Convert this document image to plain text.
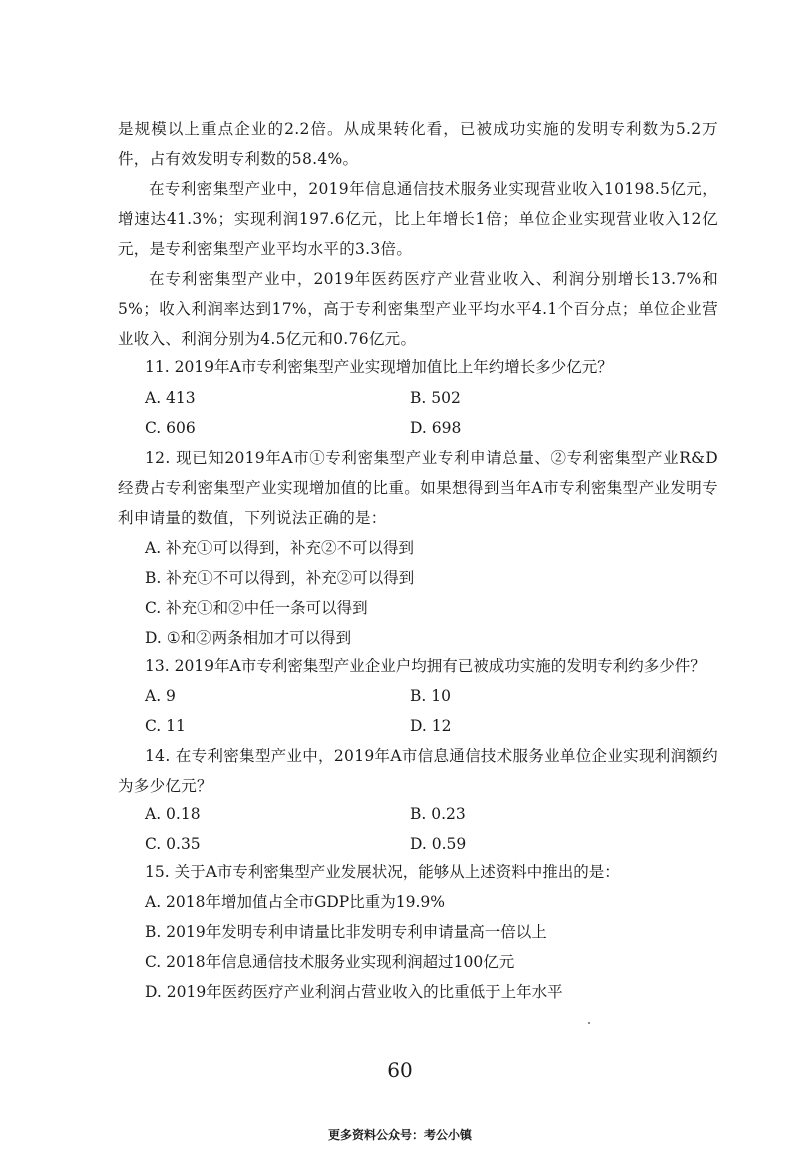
是规模以上重点企业的2.2倍。从成果转化看，已被成功实施的发明专利数为5.2万件，占有效发明专利数的58.4%。

在专利密集型产业中，2019年信息通信技术服务业实现营业收入10198.5亿元，增速达41.3%；实现利润197.6亿元，比上年增长1倍；单位企业实现营业收入12亿元，是专利密集型产业平均水平的3.3倍。

在专利密集型产业中，2019年医药医疗产业营业收入、利润分别增长13.7%和5%；收入利润率达到17%，高于专利密集型产业平均水平4.1个百分点；单位企业营业收入、利润分别为4.5亿元和0.76亿元。

11. 2019年A市专利密集型产业实现增加值比上年约增长多少亿元？
A. 413	B. 502
C. 606	D. 698

12. 现已知2019年A市①专利密集型产业专利申请总量、②专利密集型产业R&D经费占专利密集型产业实现增加值的比重。如果想得到当年A市专利密集型产业发明专利申请量的数值，下列说法正确的是：

A. 补充①可以得到，补充②不可以得到
B. 补充①不可以得到，补充②可以得到
C. 补充①和②中任一条可以得到
D. ①和②两条相加才可以得到
13. 2019年A市专利密集型产业企业户均拥有已被成功实施的发明专利约多少件？
A. 9	B. 10
C. 11	D. 12

14. 在专利密集型产业中，2019年A市信息通信技术服务业单位企业实现利润额约为多少亿元？

A. 0.18	B. 0.23
C. 0.35	D. 0.59
15. 关于A市专利密集型产业发展状况，能够从上述资料中推出的是：
A. 2018年增加值占全市GDP比重为19.9%
B. 2019年发明专利申请量比非发明专利申请量高一倍以上
C. 2018年信息通信技术服务业实现利润超过100亿元
D. 2019年医药医疗产业利润占营业收入的比重低于上年水平
60
更多资料公众号：考公小镇
